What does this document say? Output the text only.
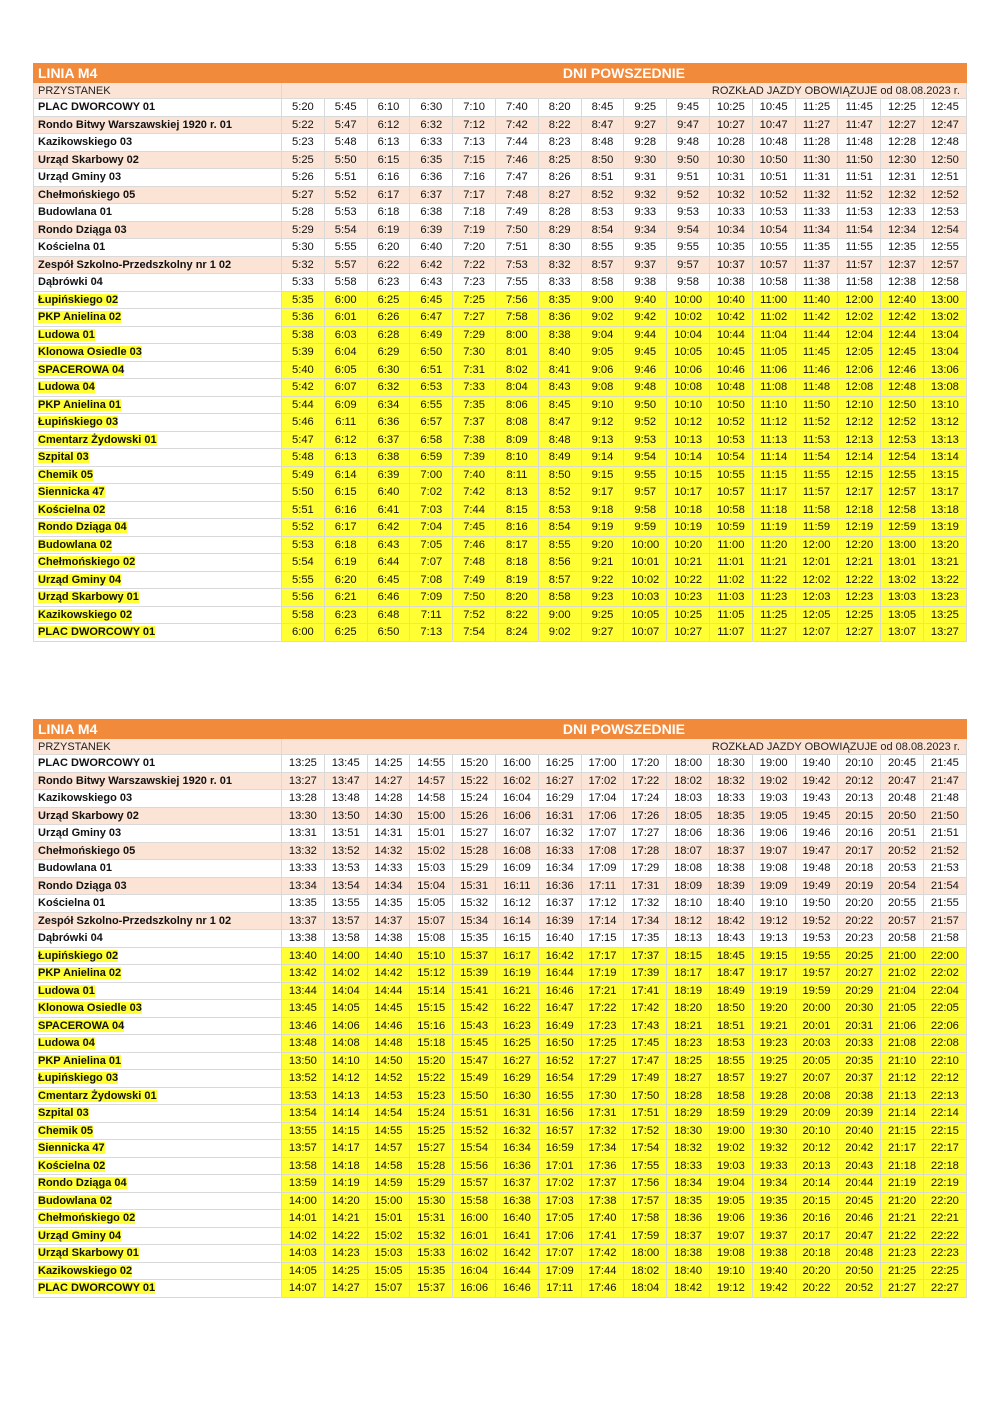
LINIA M4	DNI POWSZEDNIE															
PRZYSTANEK	ROZKŁAD JAZDY OBOWIĄZUJE od 08.08.2023 r.															
PLAC DWORCOWY 01	5:20	5:45	6:10	6:30	7:10	7:40	8:20	8:45	9:25	9:45	10:25	10:45	11:25	11:45	12:25	12:45
Rondo Bitwy Warszawskiej 1920 r. 01	5:22	5:47	6:12	6:32	7:12	7:42	8:22	8:47	9:27	9:47	10:27	10:47	11:27	11:47	12:27	12:47
Kazikowskiego 03	5:23	5:48	6:13	6:33	7:13	7:44	8:23	8:48	9:28	9:48	10:28	10:48	11:28	11:48	12:28	12:48
Urząd Skarbowy 02	5:25	5:50	6:15	6:35	7:15	7:46	8:25	8:50	9:30	9:50	10:30	10:50	11:30	11:50	12:30	12:50
Urząd Gminy 03	5:26	5:51	6:16	6:36	7:16	7:47	8:26	8:51	9:31	9:51	10:31	10:51	11:31	11:51	12:31	12:51
Chełmońskiego 05	5:27	5:52	6:17	6:37	7:17	7:48	8:27	8:52	9:32	9:52	10:32	10:52	11:32	11:52	12:32	12:52
Budowlana 01	5:28	5:53	6:18	6:38	7:18	7:49	8:28	8:53	9:33	9:53	10:33	10:53	11:33	11:53	12:33	12:53
Rondo Dziąga 03	5:29	5:54	6:19	6:39	7:19	7:50	8:29	8:54	9:34	9:54	10:34	10:54	11:34	11:54	12:34	12:54
Kościelna 01	5:30	5:55	6:20	6:40	7:20	7:51	8:30	8:55	9:35	9:55	10:35	10:55	11:35	11:55	12:35	12:55
Zespół Szkolno-Przedszkolny nr 1 02	5:32	5:57	6:22	6:42	7:22	7:53	8:32	8:57	9:37	9:57	10:37	10:57	11:37	11:57	12:37	12:57
Dąbrówki 04	5:33	5:58	6:23	6:43	7:23	7:55	8:33	8:58	9:38	9:58	10:38	10:58	11:38	11:58	12:38	12:58
Łupińskiego 02	5:35	6:00	6:25	6:45	7:25	7:56	8:35	9:00	9:40	10:00	10:40	11:00	11:40	12:00	12:40	13:00
PKP Anielina 02	5:36	6:01	6:26	6:47	7:27	7:58	8:36	9:02	9:42	10:02	10:42	11:02	11:42	12:02	12:42	13:02
Ludowa 01	5:38	6:03	6:28	6:49	7:29	8:00	8:38	9:04	9:44	10:04	10:44	11:04	11:44	12:04	12:44	13:04
Klonowa Osiedle 03	5:39	6:04	6:29	6:50	7:30	8:01	8:40	9:05	9:45	10:05	10:45	11:05	11:45	12:05	12:45	13:04
SPACEROWA 04	5:40	6:05	6:30	6:51	7:31	8:02	8:41	9:06	9:46	10:06	10:46	11:06	11:46	12:06	12:46	13:06
Ludowa 04	5:42	6:07	6:32	6:53	7:33	8:04	8:43	9:08	9:48	10:08	10:48	11:08	11:48	12:08	12:48	13:08
PKP Anielina 01	5:44	6:09	6:34	6:55	7:35	8:06	8:45	9:10	9:50	10:10	10:50	11:10	11:50	12:10	12:50	13:10
Łupińskiego 03	5:46	6:11	6:36	6:57	7:37	8:08	8:47	9:12	9:52	10:12	10:52	11:12	11:52	12:12	12:52	13:12
Cmentarz Żydowski 01	5:47	6:12	6:37	6:58	7:38	8:09	8:48	9:13	9:53	10:13	10:53	11:13	11:53	12:13	12:53	13:13
Szpital 03	5:48	6:13	6:38	6:59	7:39	8:10	8:49	9:14	9:54	10:14	10:54	11:14	11:54	12:14	12:54	13:14
Chemik 05	5:49	6:14	6:39	7:00	7:40	8:11	8:50	9:15	9:55	10:15	10:55	11:15	11:55	12:15	12:55	13:15
Siennicka 47	5:50	6:15	6:40	7:02	7:42	8:13	8:52	9:17	9:57	10:17	10:57	11:17	11:57	12:17	12:57	13:17
Kościelna 02	5:51	6:16	6:41	7:03	7:44	8:15	8:53	9:18	9:58	10:18	10:58	11:18	11:58	12:18	12:58	13:18
Rondo Dziąga 04	5:52	6:17	6:42	7:04	7:45	8:16	8:54	9:19	9:59	10:19	10:59	11:19	11:59	12:19	12:59	13:19
Budowlana 02	5:53	6:18	6:43	7:05	7:46	8:17	8:55	9:20	10:00	10:20	11:00	11:20	12:00	12:20	13:00	13:20
Chełmońskiego 02	5:54	6:19	6:44	7:07	7:48	8:18	8:56	9:21	10:01	10:21	11:01	11:21	12:01	12:21	13:01	13:21
Urząd Gminy 04	5:55	6:20	6:45	7:08	7:49	8:19	8:57	9:22	10:02	10:22	11:02	11:22	12:02	12:22	13:02	13:22
Urząd Skarbowy 01	5:56	6:21	6:46	7:09	7:50	8:20	8:58	9:23	10:03	10:23	11:03	11:23	12:03	12:23	13:03	13:23
Kazikowskiego 02	5:58	6:23	6:48	7:11	7:52	8:22	9:00	9:25	10:05	10:25	11:05	11:25	12:05	12:25	13:05	13:25
PLAC DWORCOWY 01	6:00	6:25	6:50	7:13	7:54	8:24	9:02	9:27	10:07	10:27	11:07	11:27	12:07	12:27	13:07	13:27
LINIA M4	DNI POWSZEDNIE															
PRZYSTANEK	ROZKŁAD JAZDY OBOWIĄZUJE od 08.08.2023 r.															
PLAC DWORCOWY 01	13:25	13:45	14:25	14:55	15:20	16:00	16:25	17:00	17:20	18:00	18:30	19:00	19:40	20:10	20:45	21:45
Rondo Bitwy Warszawskiej 1920 r. 01	13:27	13:47	14:27	14:57	15:22	16:02	16:27	17:02	17:22	18:02	18:32	19:02	19:42	20:12	20:47	21:47
Kazikowskiego 03	13:28	13:48	14:28	14:58	15:24	16:04	16:29	17:04	17:24	18:03	18:33	19:03	19:43	20:13	20:48	21:48
Urząd Skarbowy 02	13:30	13:50	14:30	15:00	15:26	16:06	16:31	17:06	17:26	18:05	18:35	19:05	19:45	20:15	20:50	21:50
Urząd Gminy 03	13:31	13:51	14:31	15:01	15:27	16:07	16:32	17:07	17:27	18:06	18:36	19:06	19:46	20:16	20:51	21:51
Chełmońskiego 05	13:32	13:52	14:32	15:02	15:28	16:08	16:33	17:08	17:28	18:07	18:37	19:07	19:47	20:17	20:52	21:52
Budowlana 01	13:33	13:53	14:33	15:03	15:29	16:09	16:34	17:09	17:29	18:08	18:38	19:08	19:48	20:18	20:53	21:53
Rondo Dziąga 03	13:34	13:54	14:34	15:04	15:31	16:11	16:36	17:11	17:31	18:09	18:39	19:09	19:49	20:19	20:54	21:54
Kościelna 01	13:35	13:55	14:35	15:05	15:32	16:12	16:37	17:12	17:32	18:10	18:40	19:10	19:50	20:20	20:55	21:55
Zespół Szkolno-Przedszkolny nr 1 02	13:37	13:57	14:37	15:07	15:34	16:14	16:39	17:14	17:34	18:12	18:42	19:12	19:52	20:22	20:57	21:57
Dąbrówki 04	13:38	13:58	14:38	15:08	15:35	16:15	16:40	17:15	17:35	18:13	18:43	19:13	19:53	20:23	20:58	21:58
Łupińskiego 02	13:40	14:00	14:40	15:10	15:37	16:17	16:42	17:17	17:37	18:15	18:45	19:15	19:55	20:25	21:00	22:00
PKP Anielina 02	13:42	14:02	14:42	15:12	15:39	16:19	16:44	17:19	17:39	18:17	18:47	19:17	19:57	20:27	21:02	22:02
Ludowa 01	13:44	14:04	14:44	15:14	15:41	16:21	16:46	17:21	17:41	18:19	18:49	19:19	19:59	20:29	21:04	22:04
Klonowa Osiedle 03	13:45	14:05	14:45	15:15	15:42	16:22	16:47	17:22	17:42	18:20	18:50	19:20	20:00	20:30	21:05	22:05
SPACEROWA 04	13:46	14:06	14:46	15:16	15:43	16:23	16:49	17:23	17:43	18:21	18:51	19:21	20:01	20:31	21:06	22:06
Ludowa 04	13:48	14:08	14:48	15:18	15:45	16:25	16:50	17:25	17:45	18:23	18:53	19:23	20:03	20:33	21:08	22:08
PKP Anielina 01	13:50	14:10	14:50	15:20	15:47	16:27	16:52	17:27	17:47	18:25	18:55	19:25	20:05	20:35	21:10	22:10
Łupińskiego 03	13:52	14:12	14:52	15:22	15:49	16:29	16:54	17:29	17:49	18:27	18:57	19:27	20:07	20:37	21:12	22:12
Cmentarz Żydowski 01	13:53	14:13	14:53	15:23	15:50	16:30	16:55	17:30	17:50	18:28	18:58	19:28	20:08	20:38	21:13	22:13
Szpital 03	13:54	14:14	14:54	15:24	15:51	16:31	16:56	17:31	17:51	18:29	18:59	19:29	20:09	20:39	21:14	22:14
Chemik 05	13:55	14:15	14:55	15:25	15:52	16:32	16:57	17:32	17:52	18:30	19:00	19:30	20:10	20:40	21:15	22:15
Siennicka 47	13:57	14:17	14:57	15:27	15:54	16:34	16:59	17:34	17:54	18:32	19:02	19:32	20:12	20:42	21:17	22:17
Kościelna 02	13:58	14:18	14:58	15:28	15:56	16:36	17:01	17:36	17:55	18:33	19:03	19:33	20:13	20:43	21:18	22:18
Rondo Dziąga 04	13:59	14:19	14:59	15:29	15:57	16:37	17:02	17:37	17:56	18:34	19:04	19:34	20:14	20:44	21:19	22:19
Budowlana 02	14:00	14:20	15:00	15:30	15:58	16:38	17:03	17:38	17:57	18:35	19:05	19:35	20:15	20:45	21:20	22:20
Chełmońskiego 02	14:01	14:21	15:01	15:31	16:00	16:40	17:05	17:40	17:58	18:36	19:06	19:36	20:16	20:46	21:21	22:21
Urząd Gminy 04	14:02	14:22	15:02	15:32	16:01	16:41	17:06	17:41	17:59	18:37	19:07	19:37	20:17	20:47	21:22	22:22
Urząd Skarbowy 01	14:03	14:23	15:03	15:33	16:02	16:42	17:07	17:42	18:00	18:38	19:08	19:38	20:18	20:48	21:23	22:23
Kazikowskiego 02	14:05	14:25	15:05	15:35	16:04	16:44	17:09	17:44	18:02	18:40	19:10	19:40	20:20	20:50	21:25	22:25
PLAC DWORCOWY 01	14:07	14:27	15:07	15:37	16:06	16:46	17:11	17:46	18:04	18:42	19:12	19:42	20:22	20:52	21:27	22:27
